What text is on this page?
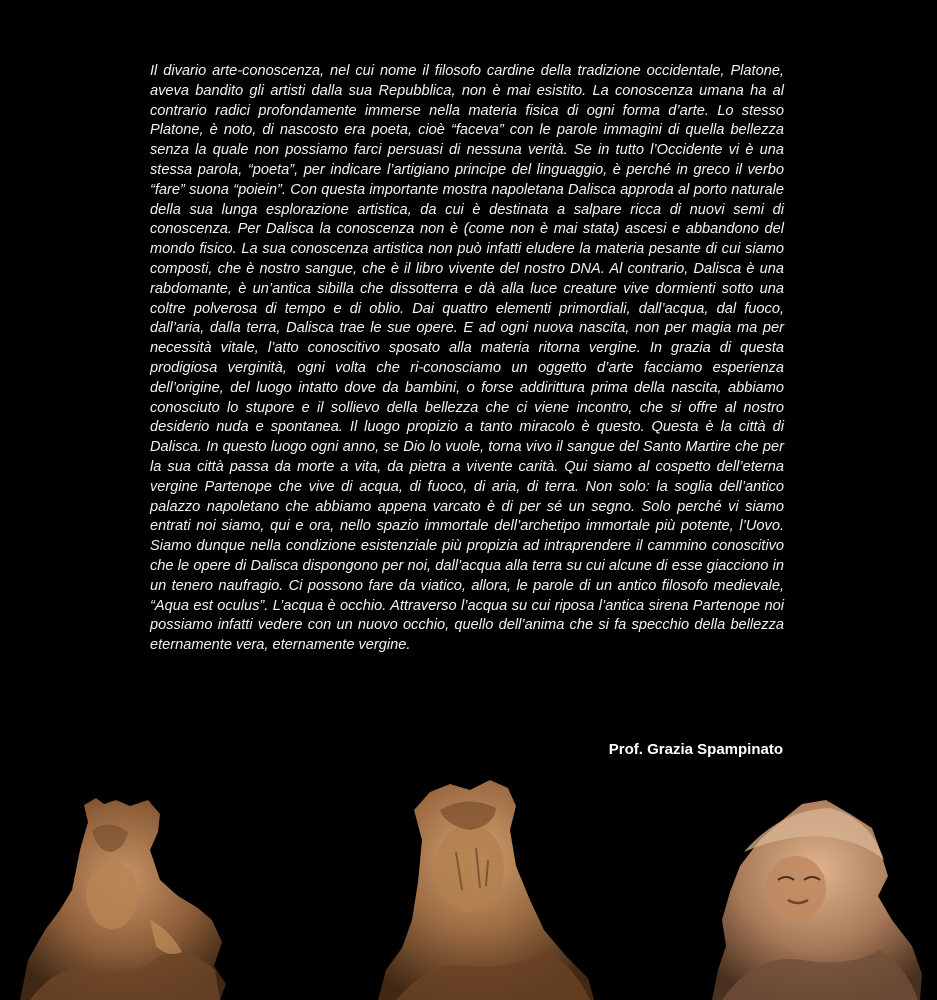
Il divario arte-conoscenza, nel cui nome il filosofo cardine della tradizione occidentale, Platone, aveva bandito gli artisti dalla sua Repubblica, non è mai esistito. La conoscenza umana ha al contrario radici profondamente immerse nella materia fisica di ogni forma d’arte. Lo stesso Platone, è noto, di nascosto era poeta, cioè “faceva” con le parole immagini di quella bellezza senza la quale non possiamo farci persuasi di nessuna verità. Se in tutto l’Occidente vi è una stessa parola, “poeta”, per indicare l’artigiano principe del linguaggio, è perché in greco il verbo “fare” suona “poiein”. Con questa importante mostra napoletana Dalisca approda al porto naturale della sua lunga esplorazione artistica, da cui è destinata a salpare ricca di nuovi semi di conoscenza. Per Dalisca la conoscenza non è (come non è mai stata) ascesi e abbandono del mondo fisico. La sua conoscenza artistica non può infatti eludere la materia pesante di cui siamo composti, che è nostro sangue, che è il libro vivente del nostro DNA. Al contrario, Dalisca è una rabdomante, è un’antica sibilla che dissotterra e dà alla luce creature vive dormienti sotto una coltre polverosa di tempo e di oblio. Dai quattro elementi primordiali, dall’acqua, dal fuoco, dall’aria, dalla terra, Dalisca trae le sue opere. E ad ogni nuova nascita, non per magia ma per necessità vitale, l’atto conoscitivo sposato alla materia ritorna vergine. In grazia di questa prodigiosa verginità, ogni volta che ri-conosciamo un oggetto d’arte facciamo esperienza dell’origine, del luogo intatto dove da bambini, o forse addirittura prima della nascita, abbiamo conosciuto lo stupore e il sollievo della bellezza che ci viene incontro, che si offre al nostro desiderio nuda e spontanea. Il luogo propizio a tanto miracolo è questo. Questa è la città di Dalisca. In questo luogo ogni anno, se Dio lo vuole, torna vivo il sangue del Santo Martire che per la sua città passa da morte a vita, da pietra a vivente carità. Qui siamo al cospetto dell’eterna vergine Partenope che vive di acqua, di fuoco, di aria, di terra. Non solo: la soglia dell’antico palazzo napoletano che abbiamo appena varcato è di per sé un segno. Solo perché vi siamo entrati noi siamo, qui e ora, nello spazio immortale dell’archetipo immortale più potente, l’Uovo. Siamo dunque nella condizione esistenziale più propizia ad intraprendere il cammino conoscitivo che le opere di Dalisca dispongono per noi, dall’acqua alla terra su cui alcune di esse giacciono in un tenero naufragio. Ci possono fare da viatico, allora, le parole di un antico filosofo medievale, “Aqua est oculus”. L’acqua è occhio. Attraverso l’acqua su cui riposa l’antica sirena Partenope noi possiamo infatti vedere con un nuovo occhio, quello dell’anima che si fa specchio della bellezza eternamente vera, eternamente vergine.

Prof. Grazia Spampinato
